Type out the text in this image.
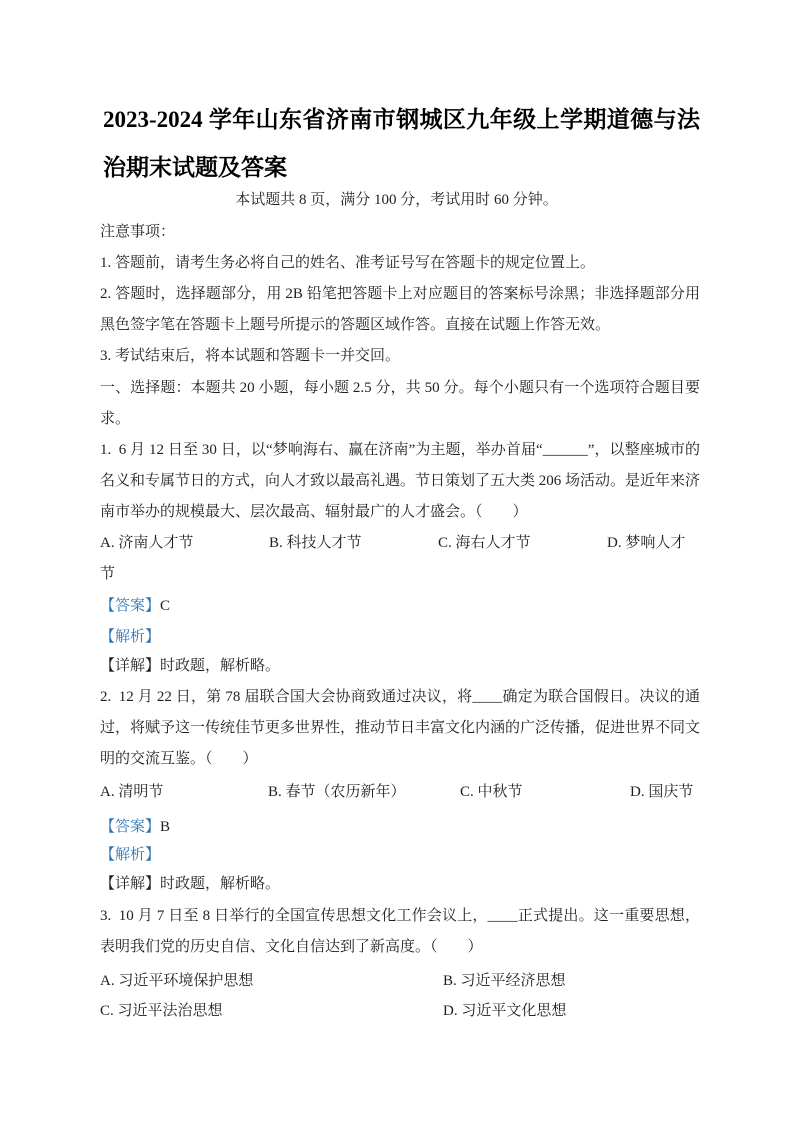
2023-2024 学年山东省济南市钢城区九年级上学期道德与法治期末试题及答案
本试题共 8 页，满分 100 分，考试用时 60 分钟。
注意事项：
1. 答题前，请考生务必将自己的姓名、准考证号写在答题卡的规定位置上。
2. 答题时，选择题部分，用 2B 铅笔把答题卡上对应题目的答案标号涂黑；非选择题部分用黑色签字笔在答题卡上题号所提示的答题区域作答。直接在试题上作答无效。
3. 考试结束后，将本试题和答题卡一并交回。
一、选择题：本题共 20 小题，每小题 2.5 分，共 50 分。每个小题只有一个选项符合题目要求。
1.  6 月 12 日至 30 日，以“梦响海右、赢在济南”为主题，举办首届“______”，以整座城市的名义和专属节日的方式，向人才致以最高礼遇。节日策划了五大类 206 场活动。是近年来济南市举办的规模最大、层次最高、辐射最广的人才盛会。（　　）
A. 济南人才节	B. 科技人才节	C. 海右人才节	D. 梦响人才节
【答案】C
【解析】
【详解】时政题，解析略。
2.  12 月 22 日，第 78 届联合国大会协商致通过决议，将____确定为联合国假日。决议的通过，将赋予这一传统佳节更多世界性，推动节日丰富文化内涵的广泛传播，促进世界不同文明的交流互鉴。（　　）
A. 清明节	B. 春节（农历新年）	C. 中秋节	D. 国庆节
【答案】B
【解析】
【详解】时政题，解析略。
3.  10 月 7 日至 8 日举行的全国宣传思想文化工作会议上，____正式提出。这一重要思想，表明我们党的历史自信、文化自信达到了新高度。（　　）
A. 习近平环境保护思想	B. 习近平经济思想
C. 习近平法治思想	D. 习近平文化思想
